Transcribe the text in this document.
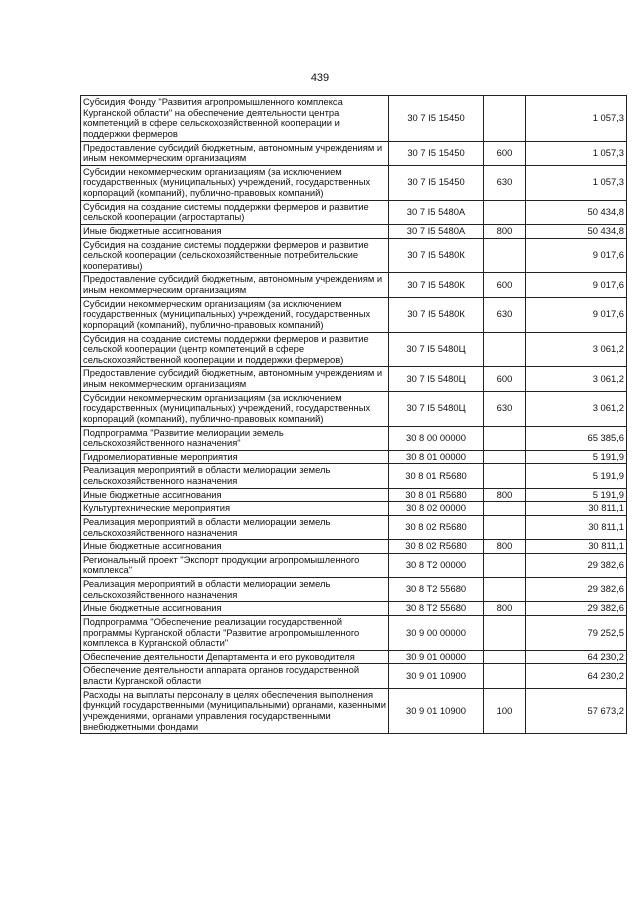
439
Субсидия Фонду "Развития агропромышленного комплекса Курганской области" на обеспечение деятельности центра компетенций в сфере сельскохозяйственной кооперации и поддержки фермеров	30 7 I5 15450		1 057,3
Предоставление субсидий бюджетным, автономным учреждениям и иным некоммерческим организациям	30 7 I5 15450	600	1 057,3
Субсидии некоммерческим организациям (за исключением государственных (муниципальных) учреждений, государственных корпораций (компаний), публично-правовых компаний)	30 7 I5 15450	630	1 057,3
Субсидия на создание системы поддержки фермеров и развитие сельской кооперации (агростартапы)	30 7 I5 5480А		50 434,8
Иные бюджетные ассигнования	30 7 I5 5480А	800	50 434,8
Субсидия на создание системы поддержки фермеров и развитие сельской кооперации (сельскохозяйственные потребительские кооперативы)	30 7 I5 5480К		9 017,6
Предоставление субсидий бюджетным, автономным учреждениям и иным некоммерческим организациям	30 7 I5 5480К	600	9 017,6
Субсидии некоммерческим организациям (за исключением государственных (муниципальных) учреждений, государственных корпораций (компаний), публично-правовых компаний)	30 7 I5 5480К	630	9 017,6
Субсидия на создание системы поддержки фермеров и развитие сельской кооперации (центр компетенций в сфере сельскохозяйственной кооперации и поддержки фермеров)	30 7 I5 5480Ц		3 061,2
Предоставление субсидий бюджетным, автономным учреждениям и иным некоммерческим организациям	30 7 I5 5480Ц	600	3 061,2
Субсидии некоммерческим организациям (за исключением государственных (муниципальных) учреждений, государственных корпораций (компаний), публично-правовых компаний)	30 7 I5 5480Ц	630	3 061,2
Подпрограмма "Развитие мелиорации земель сельскохозяйственного назначения"	30 8 00 00000		65 385,6
Гидромелиоративные мероприятия	30 8 01 00000		5 191,9
Реализация мероприятий в области мелиорации земель сельскохозяйственного назначения	30 8 01 R5680		5 191,9
Иные бюджетные ассигнования	30 8 01 R5680	800	5 191,9
Культуртехнические мероприятия	30 8 02 00000		30 811,1
Реализация мероприятий в области мелиорации земель сельскохозяйственного назначения	30 8 02 R5680		30 811,1
Иные бюджетные ассигнования	30 8 02 R5680	800	30 811,1
Региональный проект "Экспорт продукции агропромышленного комплекса"	30 8 T2 00000		29 382,6
Реализация мероприятий в области мелиорации земель сельскохозяйственного назначения	30 8 T2 55680		29 382,6
Иные бюджетные ассигнования	30 8 T2 55680	800	29 382,6
Подпрограмма "Обеспечение реализации государственной программы Курганской области "Развитие агропромышленного комплекса в Курганской области"	30 9 00 00000		79 252,5
Обеспечение деятельности Департамента и его руководителя	30 9 01 00000		64 230,2
Обеспечение деятельности аппарата органов государственной власти Курганской области	30 9 01 10900		64 230,2
Расходы на выплаты персоналу в целях обеспечения выполнения функций государственными (муниципальными) органами, казенными учреждениями, органами управления государственными внебюджетными фондами	30 9 01 10900	100	57 673,2
